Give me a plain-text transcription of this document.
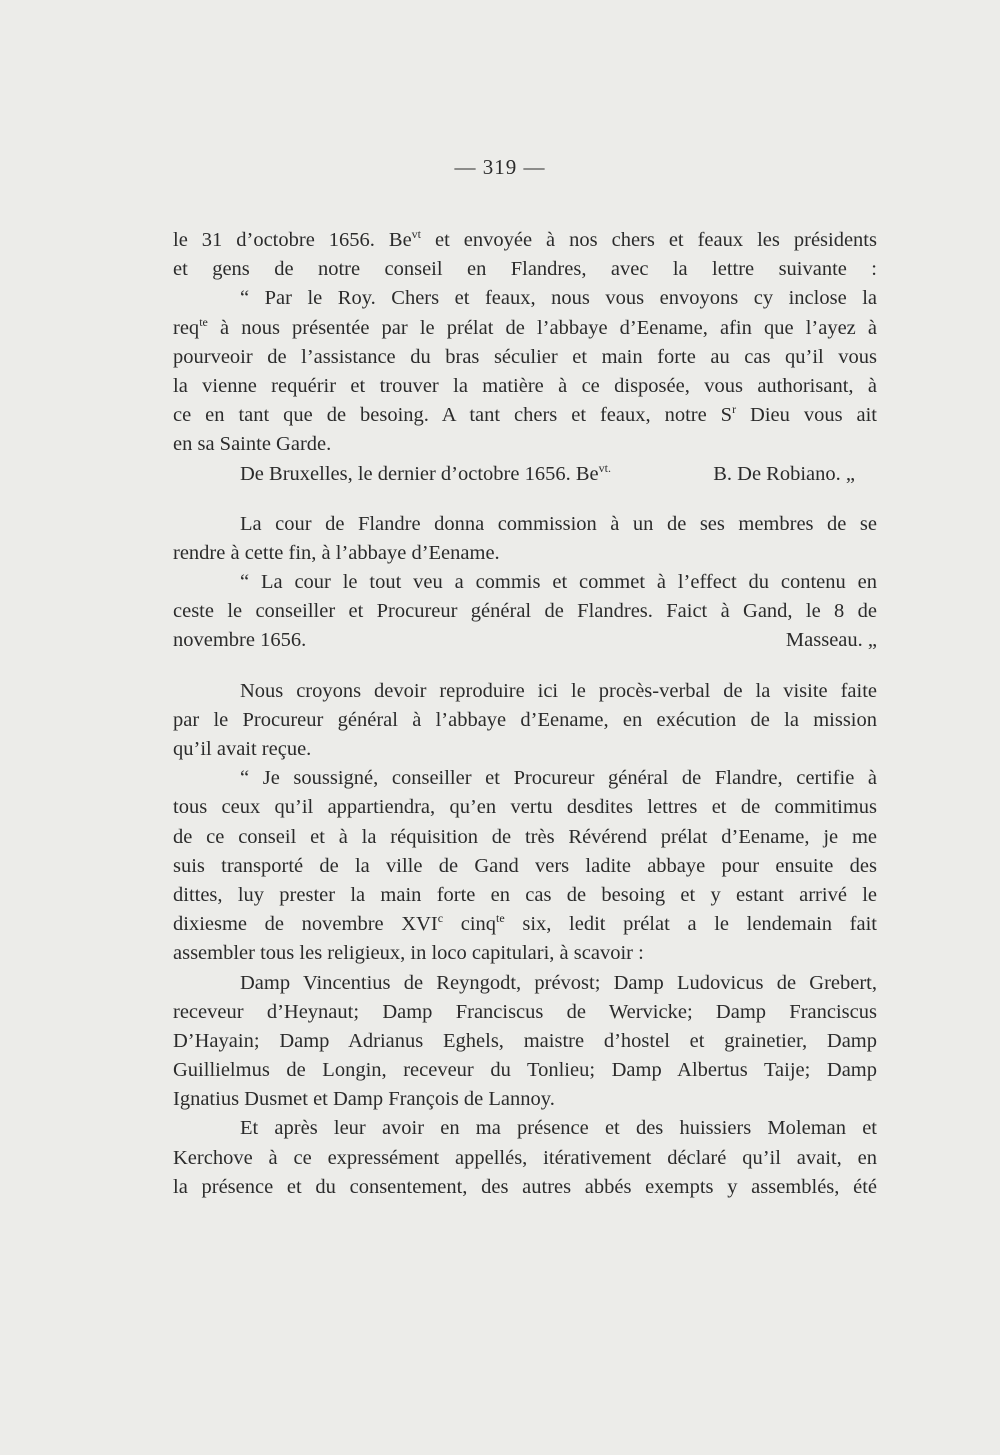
— 319 —
le 31 d’octobre 1656. $Be^{vt}$ et envoyée à nos chers et feaux les présidents
et gens de notre conseil en Flandres, avec la lettre suivante :
“ Par le Roy. Chers et feaux, nous vous envoyons cy inclose la
req$^{te}$ à nous présentée par le prélat de l’abbaye d’Eename, afin que l’ayez à
pourveoir de l’assistance du bras séculier et main forte au cas qu’il vous
la vienne requérir et trouver la matière à ce disposée, vous authorisant, à
ce en tant que de besoing. A tant chers et feaux, notre $S^r$ Dieu vous ait
en sa Sainte Garde.
De Bruxelles, le dernier d’octobre 1656. $Be^{vt.}$	B. De Robiano. „
La cour de Flandre donna commission à un de ses membres de se
rendre à cette fin, à l’abbaye d’Eename.
“ La cour le tout veu a commis et commet à l’effect du contenu en
ceste le conseiller et Procureur général de Flandres. Faict à Gand, le 8 de
novembre 1656.	Masseau. „
Nous croyons devoir reproduire ici le procès-verbal de la visite faite
par le Procureur général à l’abbaye d’Eename, en exécution de la mission
qu’il avait reçue.
“ Je soussigné, conseiller et Procureur général de Flandre, certifie à
tous ceux qu’il appartiendra, qu’en vertu desdites lettres et de commitimus
de ce conseil et à la réquisition de très Révérend prélat d’Eename, je me
suis transporté de la ville de Gand vers ladite abbaye pour ensuite des
dittes, luy prester la main forte en cas de besoing et y estant arrivé le
dixiesme de novembre XVI$^c$ cinq$^{te}$ six, ledit prélat a le lendemain fait
assembler tous les religieux, in loco capitulari, à scavoir :
Damp Vincentius de Reyngodt, prévost; Damp Ludovicus de Grebert,
receveur d’Heynaut; Damp Franciscus de Wervicke; Damp Franciscus
D’Hayain; Damp Adrianus Eghels, maistre d’hostel et grainetier, Damp
Guillielmus de Longin, receveur du Tonlieu; Damp Albertus Taije; Damp
Ignatius Dusmet et Damp François de Lannoy.
Et après leur avoir en ma présence et des huissiers Moleman et
Kerchove à ce expressément appellés, itérativement déclaré qu’il avait, en
la présence et du consentement, des autres abbés exempts y assemblés, été
